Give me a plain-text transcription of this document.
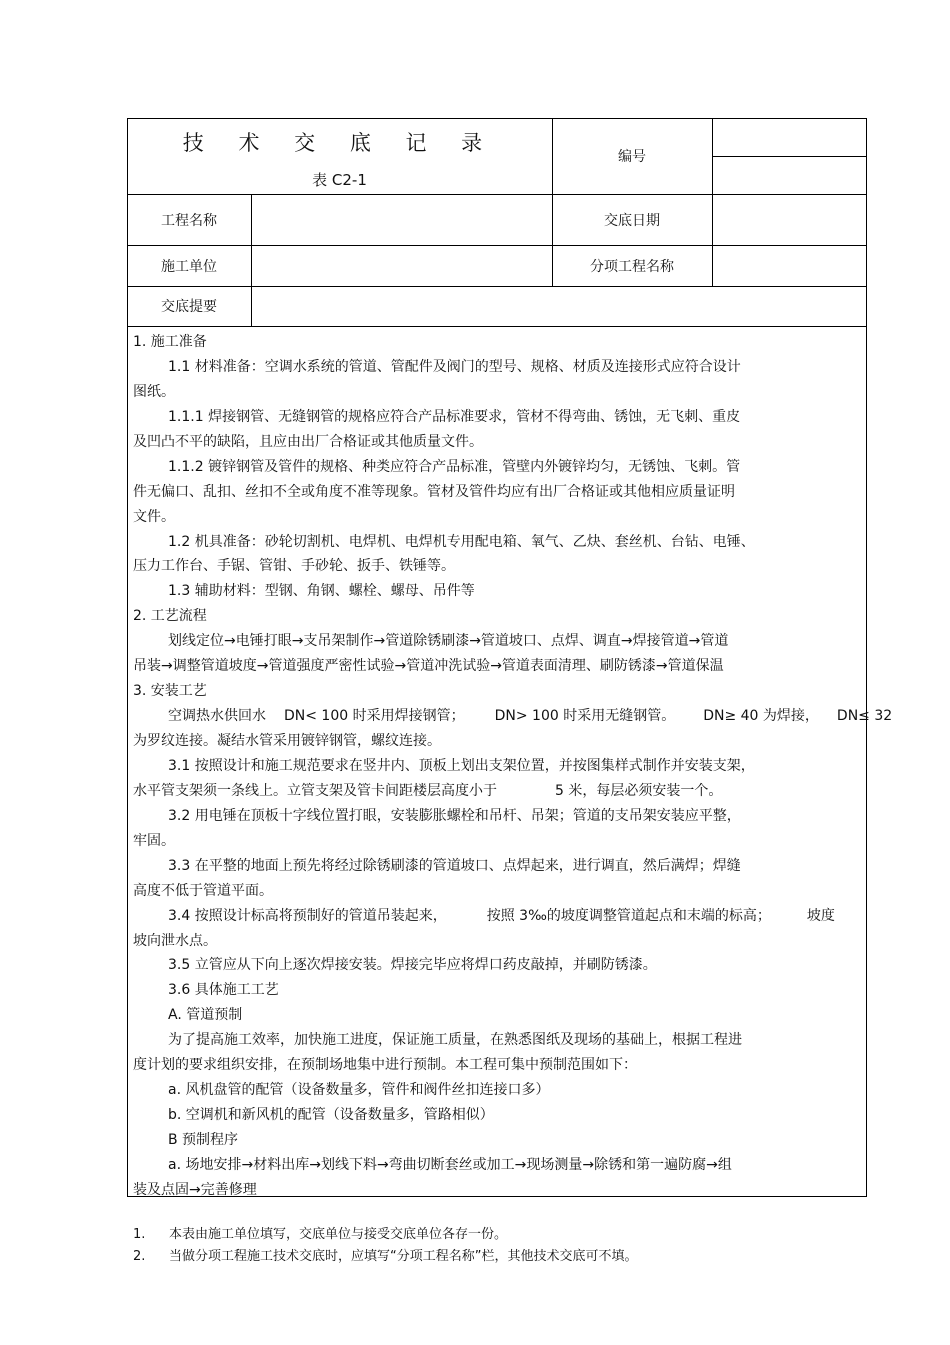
技 术 交 底 记 录
表 C2-1
编号
工程名称	交底日期
施工单位	分项工程名称
交底提要
1. 施工准备
1.1 材料准备：空调水系统的管道、管配件及阀门的型号、规格、材质及连接形式应符合设计
图纸。
1.1.1 焊接钢管、无缝钢管的规格应符合产品标准要求，管材不得弯曲、锈蚀，无飞刺、重皮
及凹凸不平的缺陷，且应由出厂合格证或其他质量文件。
1.1.2 镀锌钢管及管件的规格、种类应符合产品标准，管壁内外镀锌均匀，无锈蚀、飞刺。管
件无偏口、乱扣、丝扣不全或角度不准等现象。管材及管件均应有出厂合格证或其他相应质量证明
文件。
1.2 机具准备：砂轮切割机、电焊机、电焊机专用配电箱、氧气、乙炔、套丝机、台钻、电锤、
压力工作台、手锯、管钳、手砂轮、扳手、铁锤等。
1.3 辅助材料：型钢、角钢、螺栓、螺母、吊件等
2. 工艺流程
划线定位→电锤打眼→支吊架制作→管道除锈刷漆→管道坡口、点焊、调直→焊接管道→管道
吊装→调整管道坡度→管道强度严密性试验→管道冲洗试验→管道表面清理、刷防锈漆→管道保温
3. 安装工艺
空调热水供回水 DN< 100 时采用焊接钢管； DN> 100 时采用无缝钢管。 DN≥ 40 为焊接， DN≤ 32
为罗纹连接。凝结水管采用镀锌钢管，螺纹连接。
3.1 按照设计和施工规范要求在竖井内、顶板上划出支架位置，并按图集样式制作并安装支架，
水平管支架须一条线上。立管支架及管卡间距楼层高度小于	5 米，每层必须安装一个。
3.2 用电锤在顶板十字线位置打眼，安装膨胀螺栓和吊杆、吊架；管道的支吊架安装应平整，
牢固。
3.3 在平整的地面上预先将经过除锈刷漆的管道坡口、点焊起来，进行调直，然后满焊；焊缝
高度不低于管道平面。
3.4 按照设计标高将预制好的管道吊装起来，	按照 3‰的坡度调整管道起点和末端的标高；	坡度
坡向泄水点。
3.5 立管应从下向上逐次焊接安装。焊接完毕应将焊口药皮敲掉，并刷防锈漆。
3.6 具体施工工艺
A. 管道预制
为了提高施工效率，加快施工进度，保证施工质量，在熟悉图纸及现场的基础上，根据工程进
度计划的要求组织安排，在预制场地集中进行预制。本工程可集中预制范围如下：
a. 风机盘管的配管（设备数量多，管件和阀件丝扣连接口多）
b. 空调机和新风机的配管（设备数量多，管路相似）
B 预制程序
a. 场地安排→材料出库→划线下料→弯曲切断套丝或加工→现场测量→除锈和第一遍防腐→组
装及点固→完善修理
1. 本表由施工单位填写，交底单位与接受交底单位各存一份。
2. 当做分项工程施工技术交底时，应填写“分项工程名称”栏，其他技术交底可不填。
